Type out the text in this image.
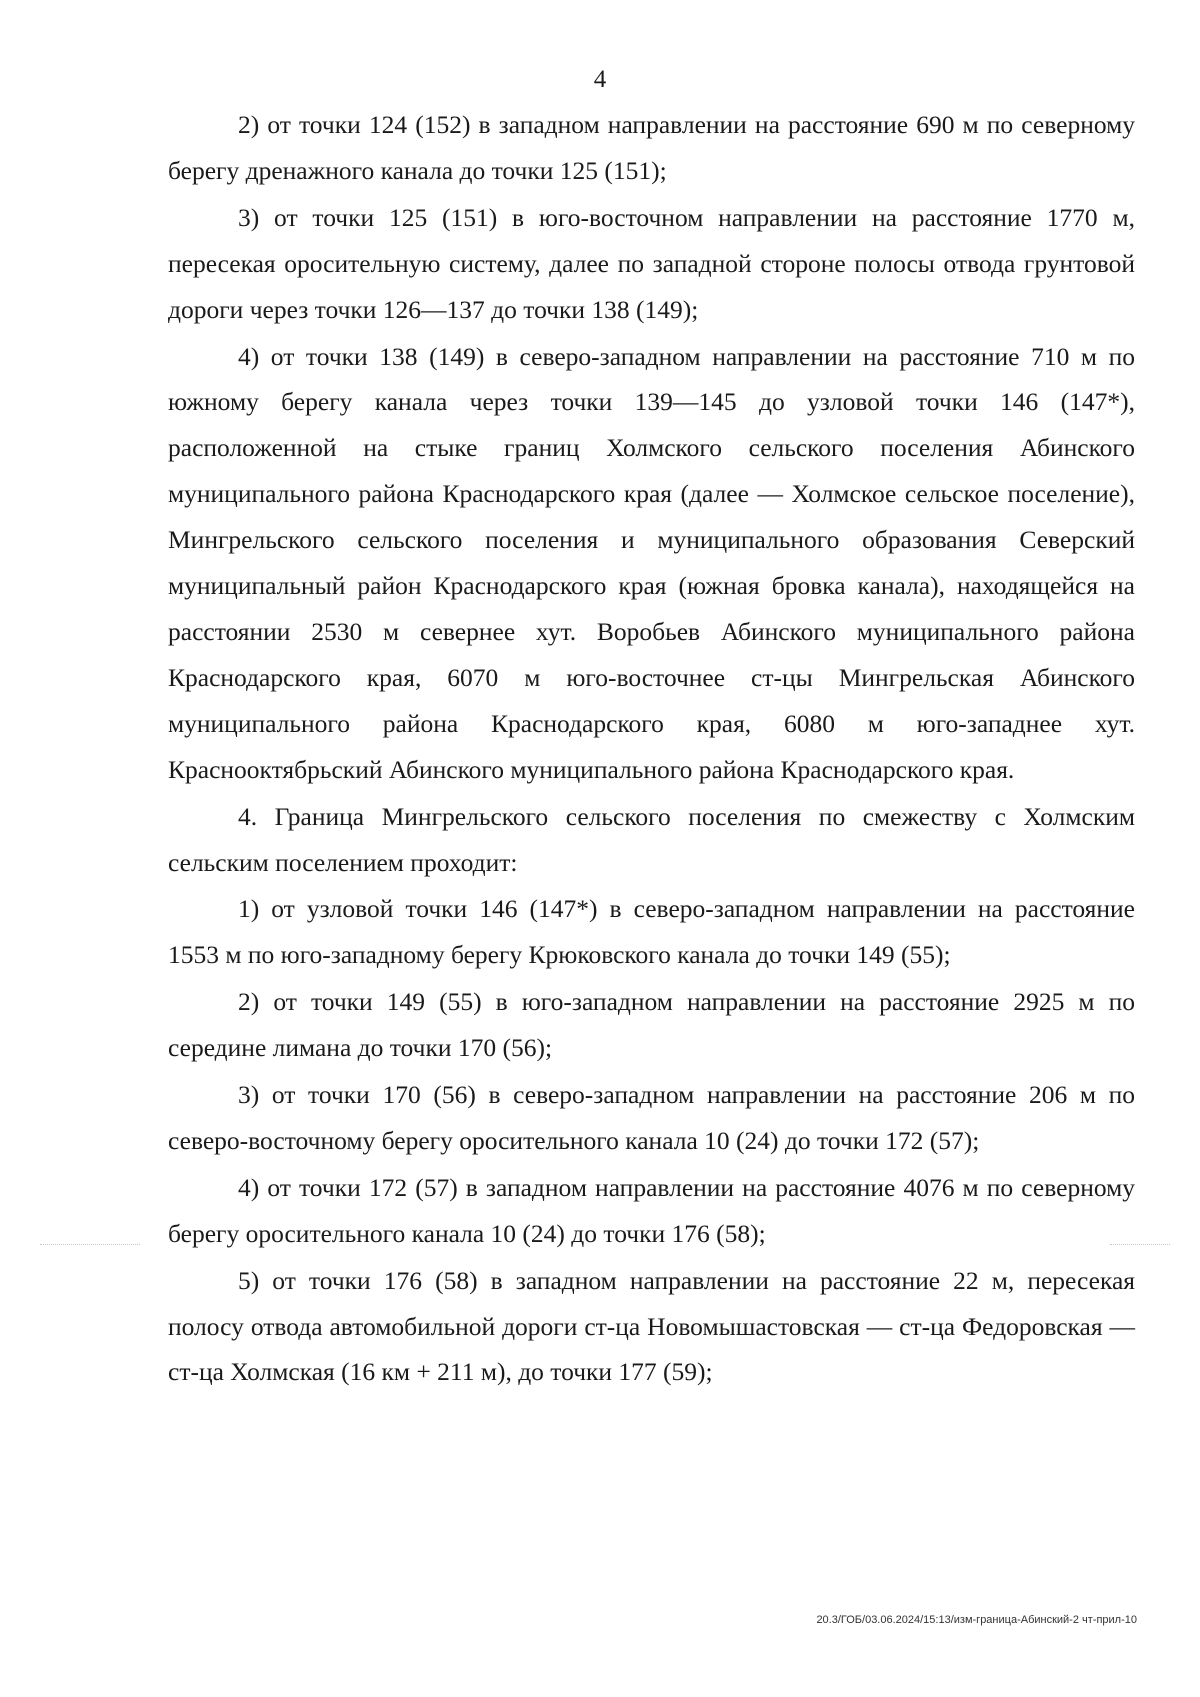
4

2) от точки 124 (152) в западном направлении на расстояние 690 м по северному берегу дренажного канала до точки 125 (151);

3) от точки 125 (151) в юго-восточном направлении на расстояние 1770 м, пересекая оросительную систему, далее по западной стороне полосы отвода грунтовой дороги через точки 126—137 до точки 138 (149);

4) от точки 138 (149) в северо-западном направлении на расстояние 710 м по южному берегу канала через точки 139—145 до узловой точки 146 (147*), расположенной на стыке границ Холмского сельского поселения Абинского муниципального района Краснодарского края (далее — Холмское сельское поселение), Мингрельского сельского поселения и муниципального образования Северский муниципальный район Краснодарского края (южная бровка канала), находящейся на расстоянии 2530 м севернее хут. Воробьев Абинского муниципального района Краснодарского края, 6070 м юго-восточнее ст-цы Мингрельская Абинского муниципального района Краснодарского края, 6080 м юго-западнее хут. Краснооктябрьский Абинского муниципального района Краснодарского края.

4. Граница Мингрельского сельского поселения по смежеству с Холмским сельским поселением проходит:

1) от узловой точки 146 (147*) в северо-западном направлении на расстояние 1553 м по юго-западному берегу Крюковского канала до точки 149 (55);

2) от точки 149 (55) в юго-западном направлении на расстояние 2925 м по середине лимана до точки 170 (56);

3) от точки 170 (56) в северо-западном направлении на расстояние 206 м по северо-восточному берегу оросительного канала 10 (24) до точки 172 (57);

4) от точки 172 (57) в западном направлении на расстояние 4076 м по северному берегу оросительного канала 10 (24) до точки 176 (58);

5) от точки 176 (58) в западном направлении на расстояние 22 м, пересекая полосу отвода автомобильной дороги ст-ца Новомышастовская — ст-ца Федоровская — ст-ца Холмская (16 км + 211 м), до точки 177 (59);

20.3/ГОБ/03.06.2024/15:13/изм-граница-Абинский-2 чт-прил-10
